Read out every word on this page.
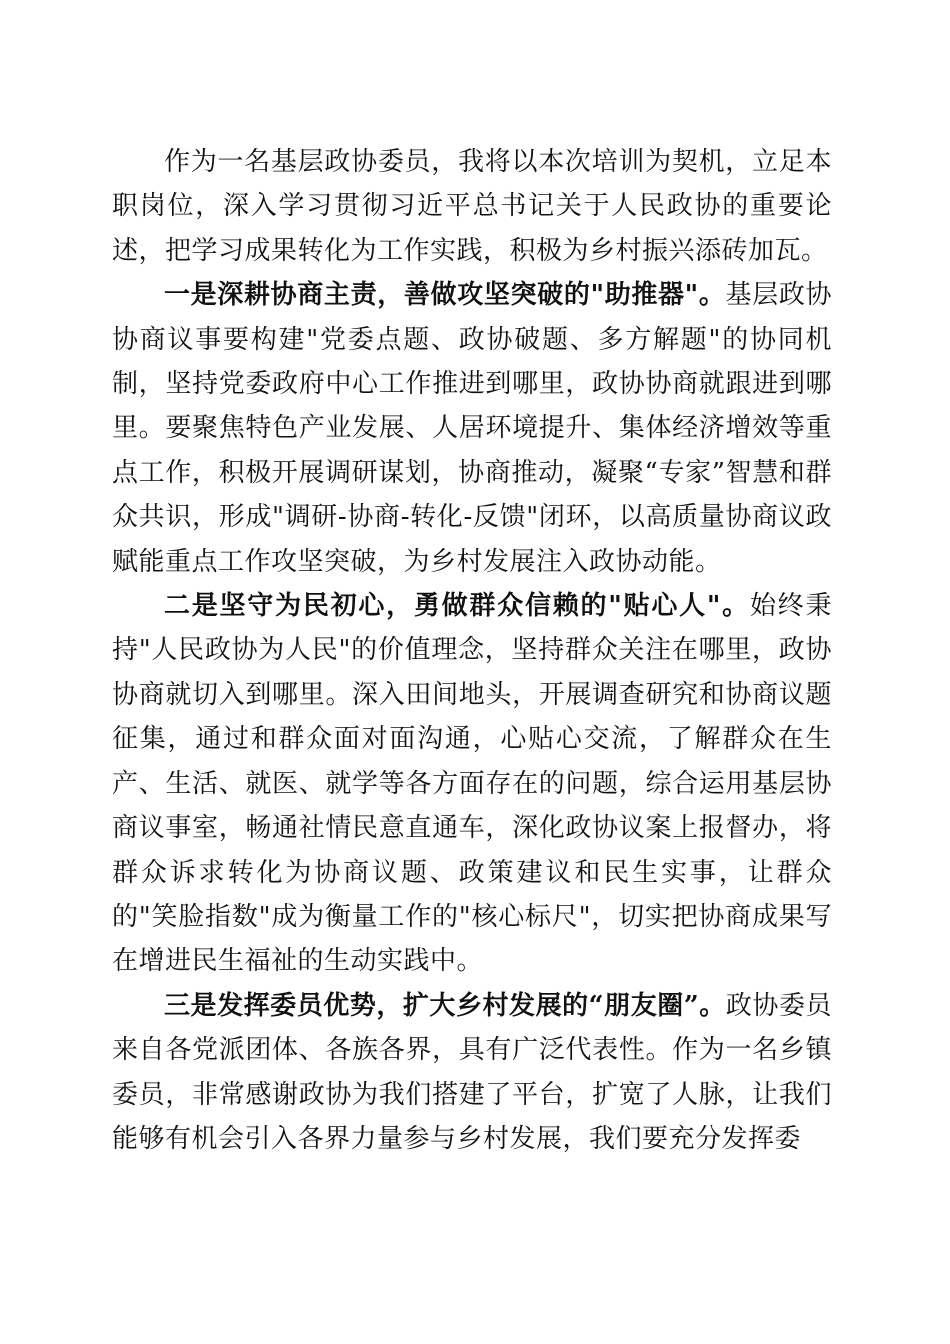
作为一名基层政协委员，我将以本次培训为契机，立足本职岗位，深入学习贯彻习近平总书记关于人民政协的重要论述，把学习成果转化为工作实践，积极为乡村振兴添砖加瓦。

一是深耕协商主责，善做攻坚突破的"助推器"。基层政协协商议事要构建"党委点题、政协破题、多方解题"的协同机制，坚持党委政府中心工作推进到哪里，政协协商就跟进到哪里。要聚焦特色产业发展、人居环境提升、集体经济增效等重点工作，积极开展调研谋划，协商推动，凝聚“专家”智慧和群众共识，形成"调研-协商-转化-反馈"闭环，以高质量协商议政赋能重点工作攻坚突破，为乡村发展注入政协动能。

二是坚守为民初心，勇做群众信赖的"贴心人"。始终秉持"人民政协为人民"的价值理念，坚持群众关注在哪里，政协协商就切入到哪里。深入田间地头，开展调查研究和协商议题征集，通过和群众面对面沟通，心贴心交流，了解群众在生产、生活、就医、就学等各方面存在的问题，综合运用基层协商议事室，畅通社情民意直通车，深化政协议案上报督办，将群众诉求转化为协商议题、政策建议和民生实事，让群众的"笑脸指数"成为衡量工作的"核心标尺"，切实把协商成果写在增进民生福祉的生动实践中。

三是发挥委员优势，扩大乡村发展的“朋友圈”。政协委员来自各党派团体、各族各界，具有广泛代表性。作为一名乡镇委员，非常感谢政协为我们搭建了平台，扩宽了人脉，让我们能够有机会引入各界力量参与乡村发展，我们要充分发挥委
